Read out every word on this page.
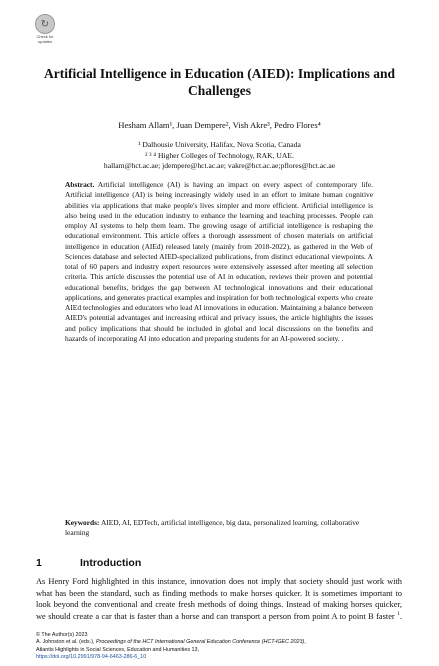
↻
Check for
updates
Artificial Intelligence in Education (AIED): Implications and Challenges

Hesham Allam¹, Juan Dempere², Vish Akre³, Pedro Flores⁴

¹ Dalhousie University, Halifax, Nova Scotia, Canada
² ³ ⁴ Higher Colleges of Technology, RAK, UAE.
hallam@hct.ac.ae; jdempere@hct.ac.ae; vakre@hct.ac.ae;pflores@hct.ac.ae

Abstract. Artificial intelligence (AI) is having an impact on every aspect of contemporary life. Artificial intelligence (AI) is being increasingly widely used in an effort to imitate human cognitive abilities via applications that make people's lives simpler and more efficient. Artificial intelligence is also being used in the education industry to enhance the learning and teaching processes. People can employ AI systems to help them learn. The growing usage of artificial intelligence is reshaping the educational environment. This article offers a thorough assessment of chosen materials on artificial intelligence in education (AIEd) released lately (mainly from 2018-2022), as gathered in the Web of Sciences database and selected AIED-specialized publications, from distinct educational viewpoints. A total of 60 papers and industry expert resources were extensively assessed after meeting all selection criteria. This article discusses the potential use of AI in education, reviews their proven and potential educational benefits, bridges the gap between AI technological innovations and their educational applications, and generates practical examples and inspiration for both technological experts who create AIEd technologies and educators who lead AI innovations in education. Maintaining a balance between AIED's potential advantages and increasing ethical and privacy issues, the article highlights the issues and policy implications that should be included in global and local discussions on the benefits and hazards of incorporating AI into education and preparing students for an AI-powered society. .

Keywords: AIED, AI, EDTech, artificial intelligence, big data, personalized learning, collaborative learning

1	Introduction

As Henry Ford highlighted in this instance, innovation does not imply that society should just work with what has been the standard, such as finding methods to make horses quicker. It is sometimes important to look beyond the conventional and create fresh methods of doing things. Instead of making horses quicker, we should create a car that is faster than a horse and can transport a person from point A to point B faster $^1$.

© The Author(s) 2023
A. Johnston et al. (eds.), Proceedings of the HCT International General Education Conference (HCT-IGEC 2023),
Atlantis Highlights in Social Sciences, Education and Humanities 13,
https://doi.org/10.2991/978-94-6463-286-6_10
